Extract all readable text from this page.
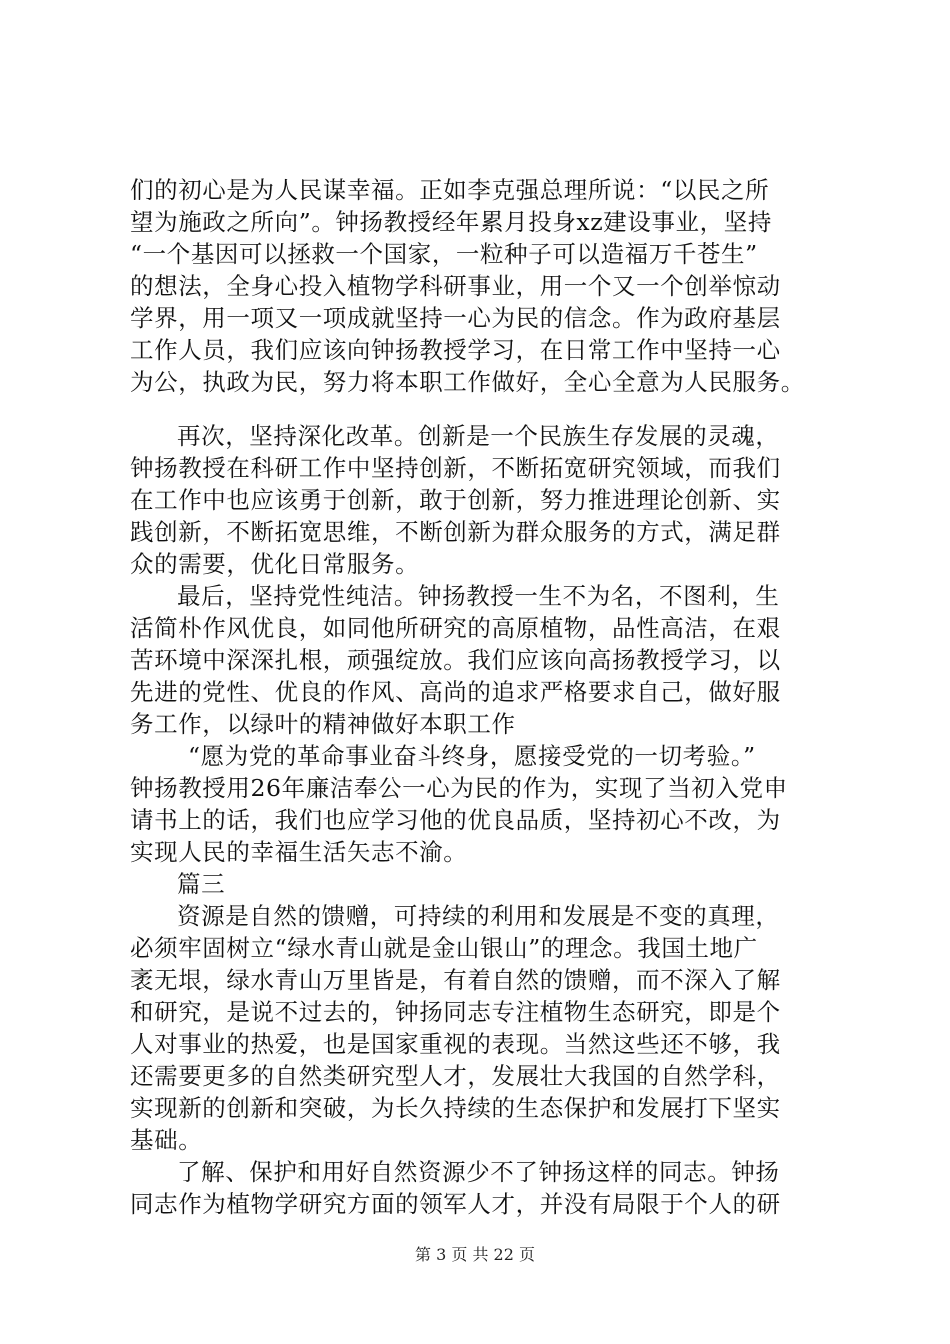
们的初心是为人民谋幸福。正如李克强总理所说：“以民之所
望为施政之所向”。钟扬教授经年累月投身xz建设事业，坚持
“一个基因可以拯救一个国家，一粒种子可以造福万千苍生”
的想法，全身心投入植物学科研事业，用一个又一个创举惊动
学界，用一项又一项成就坚持一心为民的信念。作为政府基层
工作人员，我们应该向钟扬教授学习，在日常工作中坚持一心
为公，执政为民，努力将本职工作做好，全心全意为人民服务。
再次，坚持深化改革。创新是一个民族生存发展的灵魂，
钟扬教授在科研工作中坚持创新，不断拓宽研究领域，而我们
在工作中也应该勇于创新，敢于创新，努力推进理论创新、实
践创新，不断拓宽思维，不断创新为群众服务的方式，满足群
众的需要，优化日常服务。
最后，坚持党性纯洁。钟扬教授一生不为名，不图利，生
活简朴作风优良，如同他所研究的高原植物，品性高洁，在艰
苦环境中深深扎根，顽强绽放。我们应该向高扬教授学习，以
先进的党性、优良的作风、高尚的追求严格要求自己，做好服
务工作，以绿叶的精神做好本职工作
“愿为党的革命事业奋斗终身，愿接受党的一切考验。”
钟扬教授用26年廉洁奉公一心为民的作为，实现了当初入党申
请书上的话，我们也应学习他的优良品质，坚持初心不改，为
实现人民的幸福生活矢志不渝。
篇三
资源是自然的馈赠，可持续的利用和发展是不变的真理，
必须牢固树立“绿水青山就是金山银山”的理念。我国土地广
袤无垠，绿水青山万里皆是，有着自然的馈赠，而不深入了解
和研究，是说不过去的，钟扬同志专注植物生态研究，即是个
人对事业的热爱，也是国家重视的表现。当然这些还不够，我
还需要更多的自然类研究型人才，发展壮大我国的自然学科，
实现新的创新和突破，为长久持续的生态保护和发展打下坚实
基础。
了解、保护和用好自然资源少不了钟扬这样的同志。钟扬
同志作为植物学研究方面的领军人才，并没有局限于个人的研
第 3 页 共 22 页
